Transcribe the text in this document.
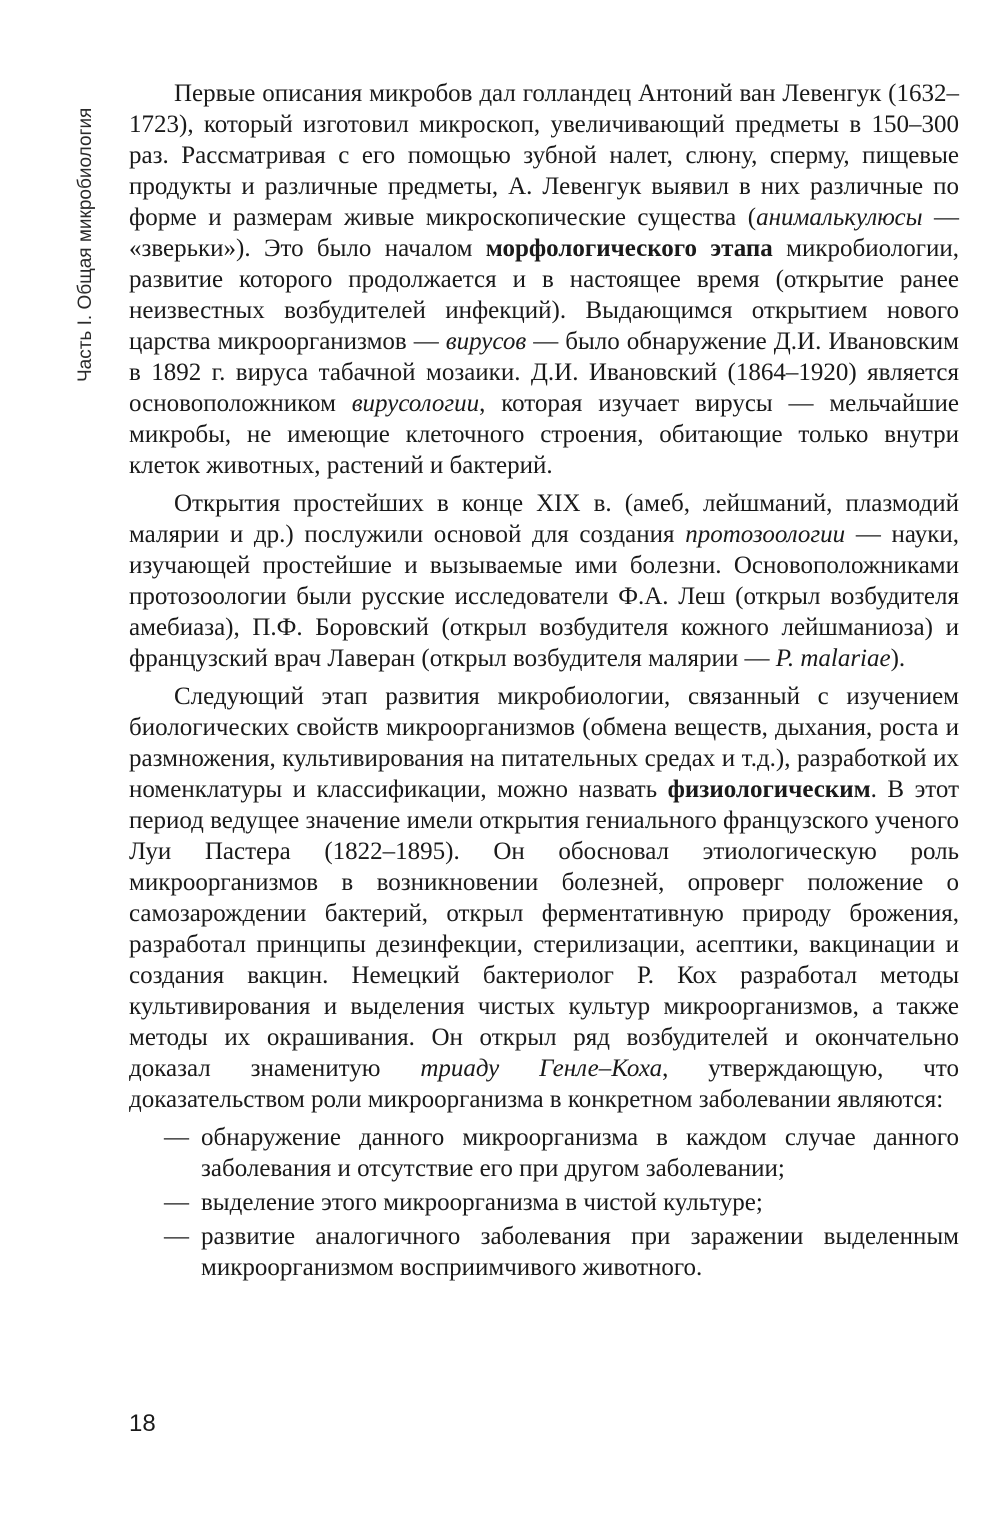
Часть I. Общая микробиология

Первые описания микробов дал голландец Антоний ван Левенгук (1632–1723), который изготовил микроскоп, увеличивающий предметы в 150–300 раз. Рассматривая с его помощью зубной налет, слюну, сперму, пищевые продукты и различные предметы, А. Левенгук выявил в них различные по форме и размерам живые микроскопические существа (анималькулюсы — «зверьки»). Это было началом морфологического этапа микробиологии, развитие которого продолжается и в настоящее время (открытие ранее неизвестных возбудителей инфекций). Выдающимся открытием нового царства микроорганизмов — вирусов — было обнаружение Д.И. Ивановским в 1892 г. вируса табачной мозаики. Д.И. Ивановский (1864–1920) является основоположником вирусологии, которая изучает вирусы — мельчайшие микробы, не имеющие клеточного строения, обитающие только внутри клеток животных, растений и бактерий.

Открытия простейших в конце XIX в. (амеб, лейшманий, плазмодий малярии и др.) послужили основой для создания протозоологии — науки, изучающей простейшие и вызываемые ими болезни. Основоположниками протозоологии были русские исследователи Ф.А. Леш (открыл возбудителя амебиаза), П.Ф. Боровский (открыл возбудителя кожного лейшманиоза) и французский врач Лаверан (открыл возбудителя малярии — P. malariae).

Следующий этап развития микробиологии, связанный с изучением биологических свойств микроорганизмов (обмена веществ, дыхания, роста и размножения, культивирования на питательных средах и т.д.), разработкой их номенклатуры и классификации, можно назвать физиологическим. В этот период ведущее значение имели открытия гениального французского ученого Луи Пастера (1822–1895). Он обосновал этиологическую роль микроорганизмов в возникновении болезней, опроверг положение о самозарождении бактерий, открыл ферментативную природу брожения, разработал принципы дезинфекции, стерилизации, асептики, вакцинации и создания вакцин. Немецкий бактериолог Р. Кох разработал методы культивирования и выделения чистых культур микроорганизмов, а также методы их окрашивания. Он открыл ряд возбудителей и окончательно доказал знаменитую триаду Генле–Коха, утверждающую, что доказательством роли микроорганизма в конкретном заболевании являются:

— обнаружение данного микроорганизма в каждом случае данного заболевания и отсутствие его при другом заболевании;
— выделение этого микроорганизма в чистой культуре;
— развитие аналогичного заболевания при заражении выделенным микроорганизмом восприимчивого животного.
18
